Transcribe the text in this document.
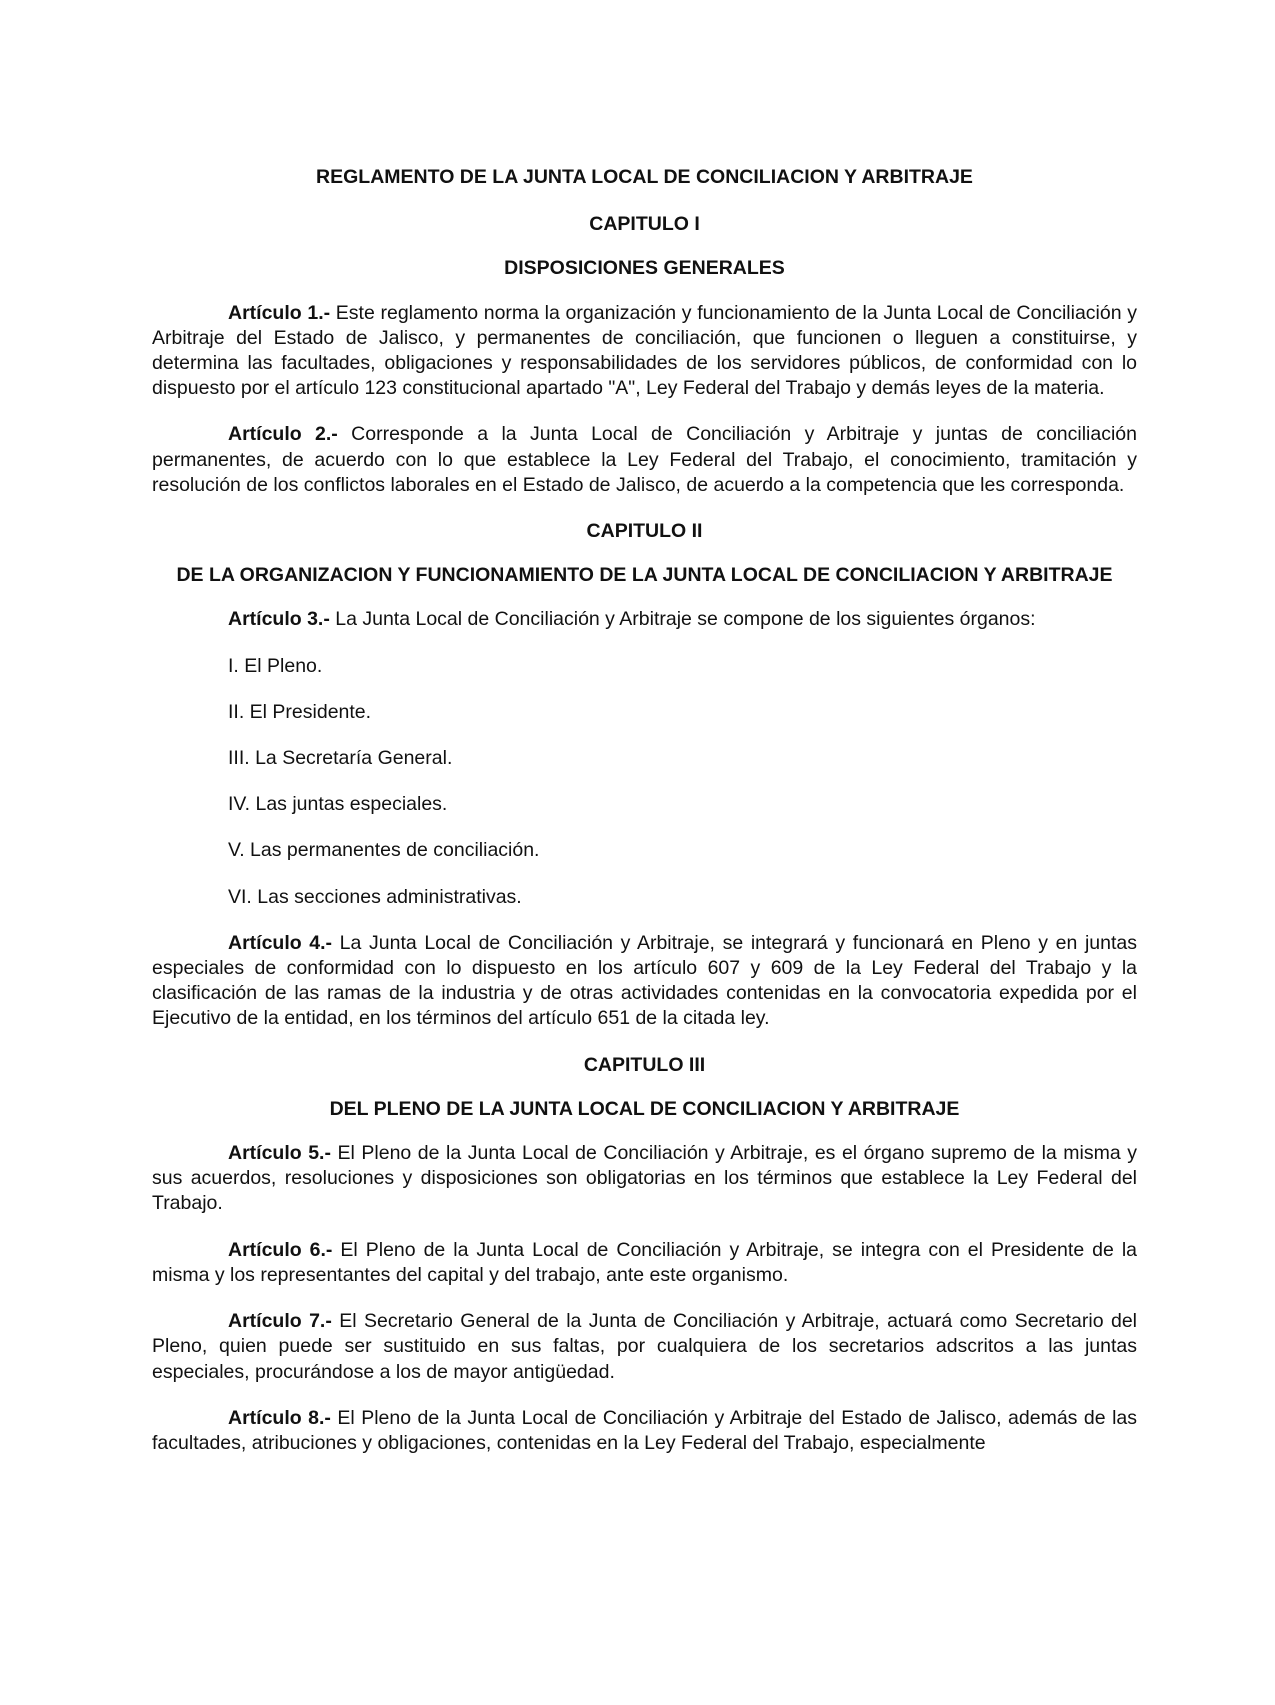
REGLAMENTO DE LA JUNTA LOCAL DE CONCILIACION Y ARBITRAJE
CAPITULO I
DISPOSICIONES GENERALES

Artículo 1.- Este reglamento norma la organización y funcionamiento de la Junta Local de Conciliación y Arbitraje del Estado de Jalisco, y permanentes de conciliación, que funcionen o lleguen a constituirse, y determina las facultades, obligaciones y responsabilidades de los servidores públicos, de conformidad con lo dispuesto por el artículo 123 constitucional apartado "A", Ley Federal del Trabajo y demás leyes de la materia.

Artículo 2.- Corresponde a la Junta Local de Conciliación y Arbitraje y juntas de conciliación permanentes, de acuerdo con lo que establece la Ley Federal del Trabajo, el conocimiento, tramitación y resolución de los conflictos laborales en el Estado de Jalisco, de acuerdo a la competencia que les corresponda.

CAPITULO II
DE LA ORGANIZACION Y FUNCIONAMIENTO DE LA JUNTA LOCAL DE CONCILIACION Y ARBITRAJE

Artículo 3.- La Junta Local de Conciliación y Arbitraje se compone de los siguientes órganos:

I. El Pleno.
II. El Presidente.
III. La Secretaría General.
IV. Las juntas especiales.
V. Las permanentes de conciliación.
VI. Las secciones administrativas.

Artículo 4.- La Junta Local de Conciliación y Arbitraje, se integrará y funcionará en Pleno y en juntas especiales de conformidad con lo dispuesto en los artículo 607 y 609 de la Ley Federal del Trabajo y la clasificación de las ramas de la industria y de otras actividades contenidas en la convocatoria expedida por el Ejecutivo de la entidad, en los términos del artículo 651 de la citada ley.

CAPITULO III
DEL PLENO DE LA JUNTA LOCAL DE CONCILIACION Y ARBITRAJE

Artículo 5.- El Pleno de la Junta Local de Conciliación y Arbitraje, es el órgano supremo de la misma y sus acuerdos, resoluciones y disposiciones son obligatorias en los términos que establece la Ley Federal del Trabajo.

Artículo 6.- El Pleno de la Junta Local de Conciliación y Arbitraje, se integra con el Presidente de la misma y los representantes del capital y del trabajo, ante este organismo.

Artículo 7.- El Secretario General de la Junta de Conciliación y Arbitraje, actuará como Secretario del Pleno, quien puede ser sustituido en sus faltas, por cualquiera de los secretarios adscritos a las juntas especiales, procurándose a los de mayor antigüedad.

Artículo 8.- El Pleno de la Junta Local de Conciliación y Arbitraje del Estado de Jalisco, además de las facultades, atribuciones y obligaciones, contenidas en la Ley Federal del Trabajo, especialmente
